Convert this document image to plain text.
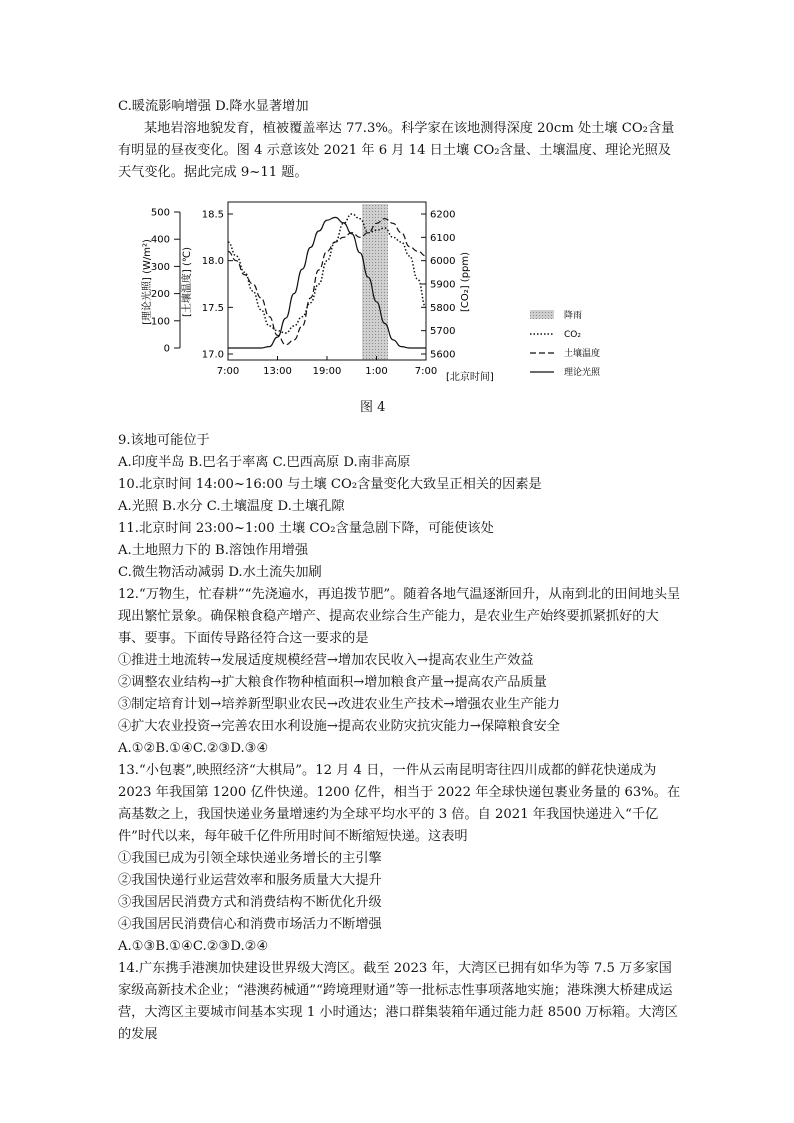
C.暖流影响增强 D.降水显著增加
某地岩溶地貌发育，植被覆盖率达 77.3%。科学家在该地测得深度 20cm 处土壤 CO₂含量有明显的昼夜变化。图 4 示意该处 2021 年 6 月 14 日土壤 CO₂含量、土壤温度、理论光照及天气变化。据此完成 9~11 题。
0
100
200
300
400
500
17.0
17.5
18.0
18.5
5600
5700
5800
5900
6000
6100
6200
7:00 13:00 19:00 1:00	7:00
[理论光照] (W/m²)	[土壤温度] (℃)	[CO₂] (ppm)
[北京时间]
降雨
CO₂
土壤温度
理论光照
图 4
9.该地可能位于
A.印度半岛 B.巴名于率离 C.巴西高原 D.南非高原
10.北京时间 14:00~16:00 与土壤 CO₂含量变化大致呈正相关的因素是
A.光照 B.水分 C.土壤温度 D.土壤孔隙
11.北京时间 23:00~1:00 土壤 CO₂含量急剧下降，可能使该处
A.土地照力下的 B.溶蚀作用增强
C.微生物活动减弱 D.水土流失加刷
12.“万物生，忙春耕”“先浇遍水，再追拨节肥”。随着各地气温逐渐回升，从南到北的田间地头呈现出繁忙景象。确保粮食稳产增产、提高农业综合生产能力，是农业生产始终要抓紧抓好的大事、要事。下面传导路径符合这一要求的是
①推进土地流转→发展适度规模经营→增加农民收入→提高农业生产效益
②调整农业结构→扩大粮食作物种植面积→增加粮食产量→提高农产品质量
③制定培育计划→培养新型职业农民→改进农业生产技术→增强农业生产能力
④扩大农业投资→完善农田水利设施→提高农业防灾抗灾能力→保障粮食安全
A.①②B.①④C.②③D.③④
13.“小包裹”,映照经济“大棋局”。12 月 4 日，一件从云南昆明寄往四川成都的鲜花快递成为 2023 年我国第 1200 亿件快递。1200 亿件，相当于 2022 年全球快递包裹业务量的 63%。在高基数之上，我国快递业务量增速约为全球平均水平的 3 倍。自 2021 年我国快递进入“千亿件”时代以来，每年破千亿件所用时间不断缩短快递。这表明
①我国已成为引领全球快递业务增长的主引擎
②我国快递行业运营效率和服务质量大大提升
③我国居民消费方式和消费结构不断优化升级
④我国居民消费信心和消费市场活力不断增强
A.①③B.①④C.②③D.②④
14.广东携手港澳加快建设世界级大湾区。截至 2023 年，大湾区已拥有如华为等 7.5 万多家国家级高新技术企业；“港澳药械通”“跨境理财通”等一批标志性事项落地实施；港珠澳大桥建成运营，大湾区主要城市间基本实现 1 小时通达；港口群集装箱年通过能力赶 8500 万标箱。大湾区的发展
